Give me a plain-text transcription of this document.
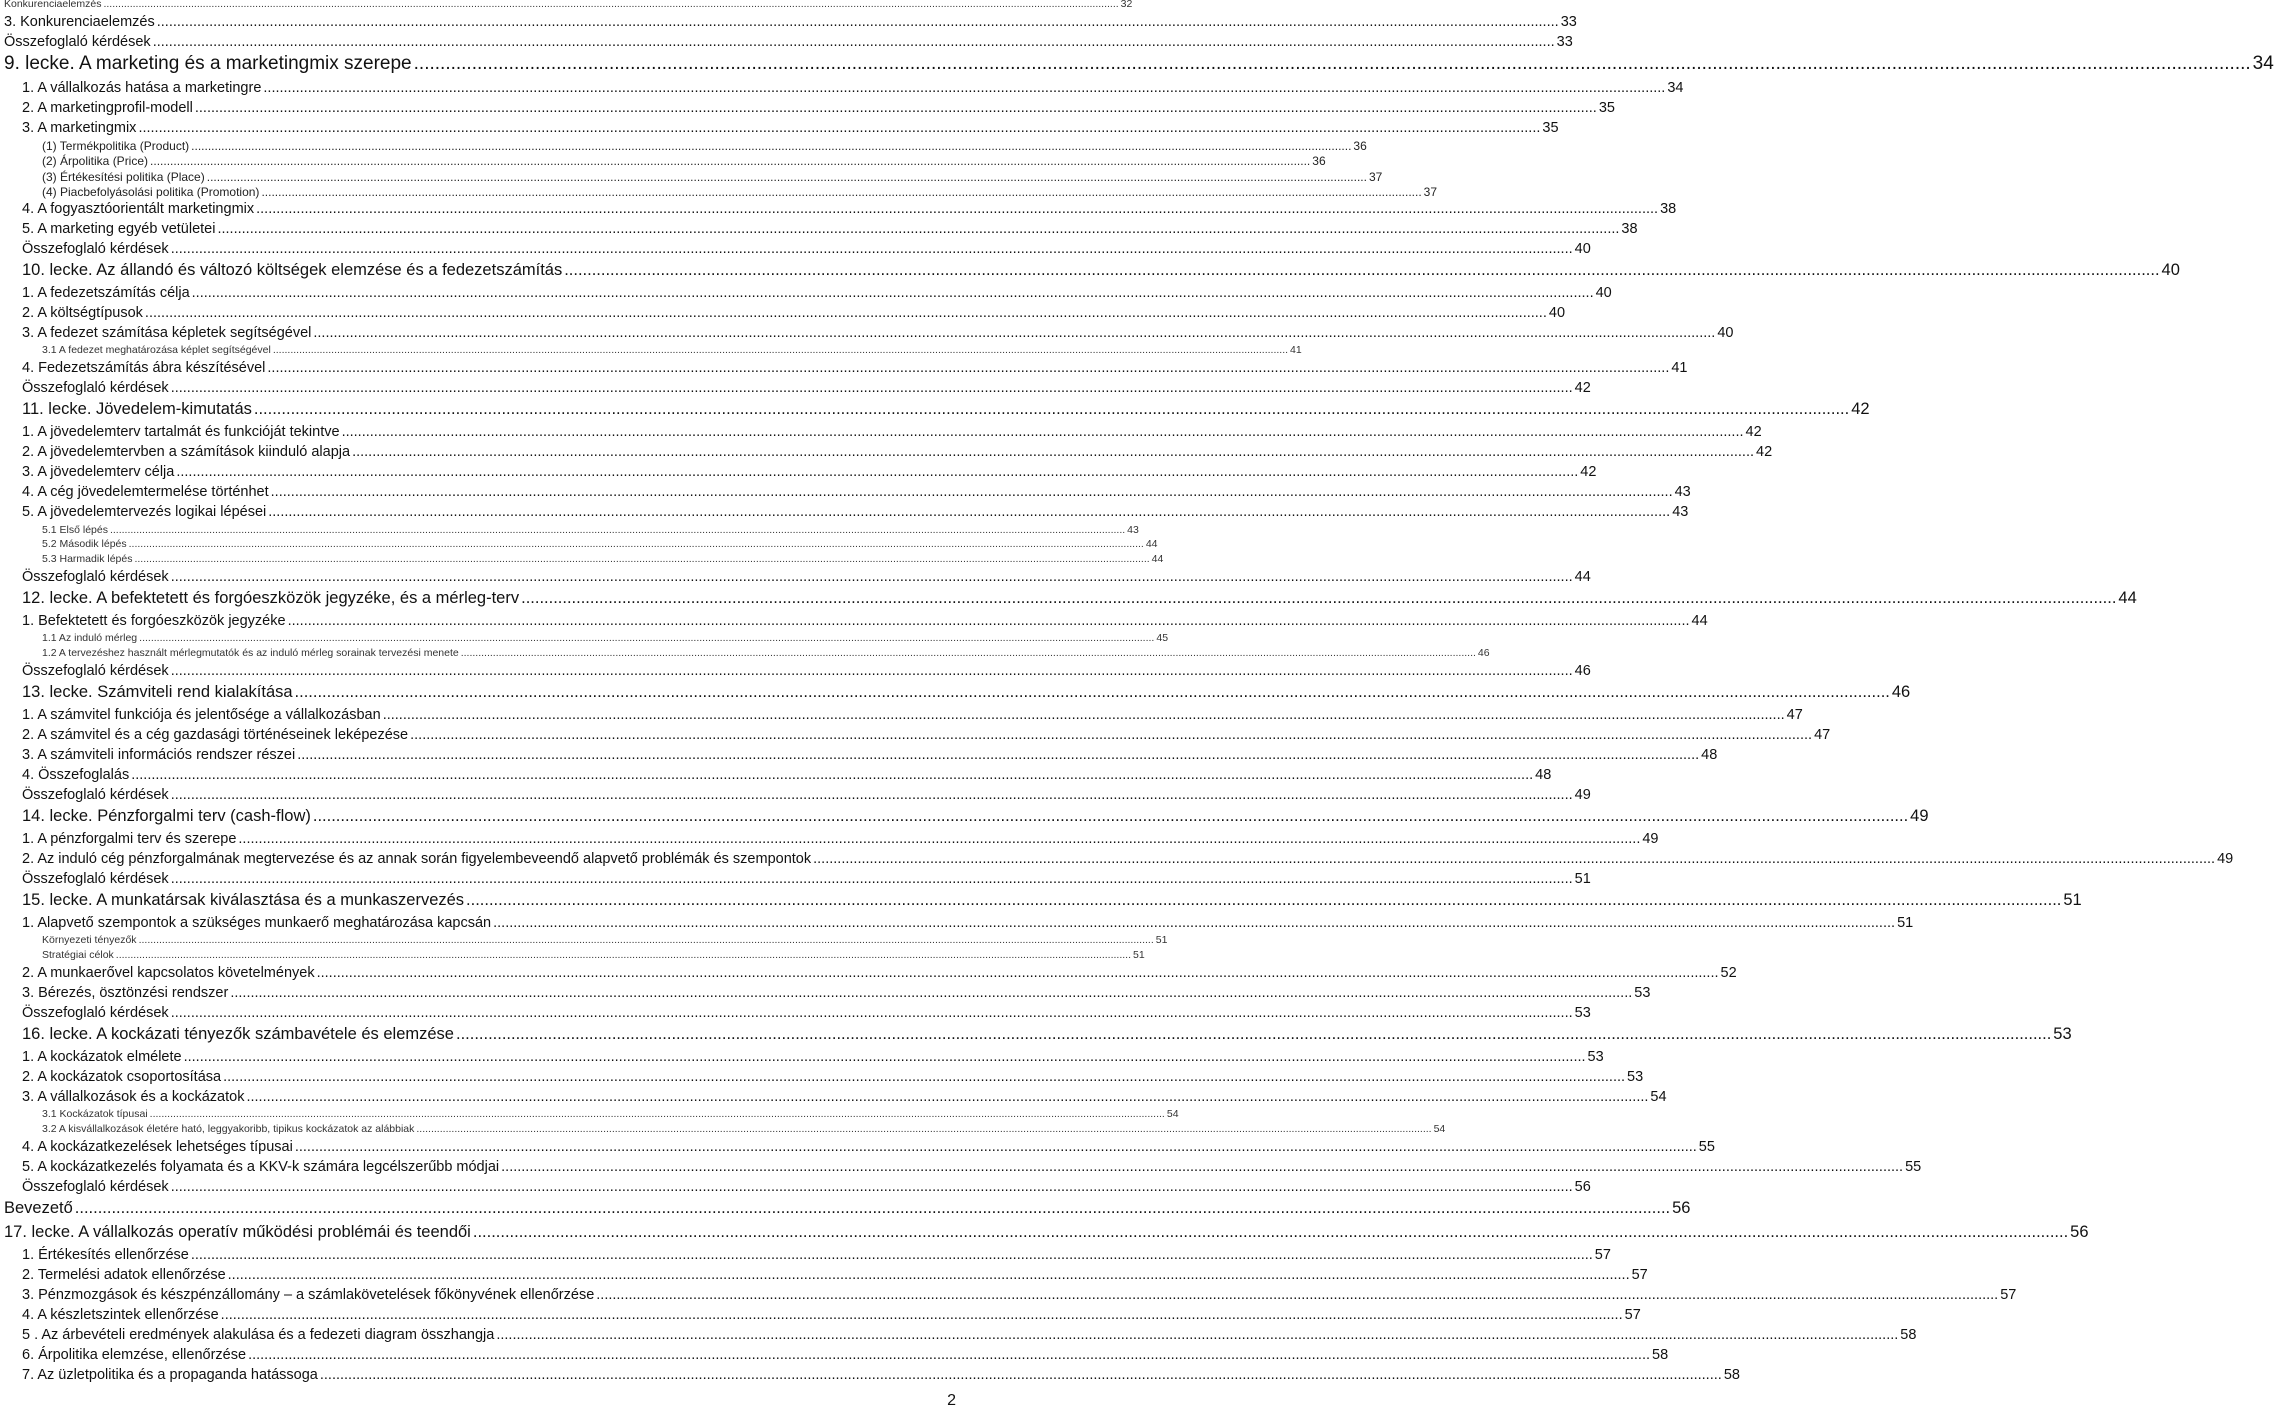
Konkurenciaelemzés .....	32
3. Konkurenciaelemzés .....	33
Összefoglaló kérdések .....	33
9. lecke. A marketing és a marketingmix szerepe .....	34
1. A vállalkozás hatása a marketingre .....	34
2. A marketingprofil-modell .....	35
3. A marketingmix .....	35
(1) Termékpolitika (Product) .....	36
(2) Árpolitika (Price) .....	36
(3) Értékesítési politika (Place) .....	37
(4) Piacbefolyásolási politika (Promotion) .....	37
4. A fogyasztóorientált marketingmix .....	38
5. A marketing egyéb vetületei .....	38
Összefoglaló kérdések .....	40
10. lecke. Az állandó és változó költségek elemzése és a fedezetszámítás .....	40
1. A fedezetszámítás célja .....	40
2. A költségtípusok .....	40
3. A fedezet számítása képletek segítségével .....	40
3.1 A fedezet meghatározása képlet segítségével .....	41
4. Fedezetszámítás ábra készítésével .....	41
Összefoglaló kérdések .....	42
11. lecke. Jövedelem-kimutatás .....	42
1. A jövedelemterv tartalmát és funkcióját tekintve .....	42
2. A jövedelemtervben a számítások kiinduló alapja .....	42
3. A jövedelemterv célja .....	42
4. A cég jövedelemtermelése történhet .....	43
5. A jövedelemtervezés logikai lépései .....	43
5.1 Első lépés .....	43
5.2 Második lépés .....	44
5.3 Harmadik lépés .....	44
Összefoglaló kérdések .....	44
12. lecke. A befektetett és forgóeszközök jegyzéke, és a mérleg-terv .....	44
1. Befektetett és forgóeszközök jegyzéke .....	44
1.1 Az induló mérleg .....	45
1.2 A tervezéshez használt mérlegmutatók és az induló mérleg sorainak tervezési menete .....	46
Összefoglaló kérdések .....	46
13. lecke. Számviteli rend kialakítása .....	46
1. A számvitel funkciója és jelentősége a vállalkozásban .....	47
2. A számvitel és a cég gazdasági történéseinek leképezése .....	47
3. A számviteli információs rendszer részei .....	48
4. Összefoglalás .....	48
Összefoglaló kérdések .....	49
14. lecke. Pénzforgalmi terv (cash-flow) .....	49
1. A pénzforgalmi terv és szerepe .....	49
2. Az induló cég pénzforgalmának megtervezése és az annak során figyelembeveendő alapvető problémák és szempontok .....	49
Összefoglaló kérdések .....	51
15. lecke. A munkatársak kiválasztása és a munkaszervezés .....	51
1. Alapvető szempontok a szükséges munkaerő meghatározása kapcsán .....	51
Környezeti tényezők .....	51
Stratégiai célok .....	51
2. A munkaerővel kapcsolatos követelmények .....	52
3. Bérezés, ösztönzési rendszer .....	53
Összefoglaló kérdések .....	53
16. lecke. A kockázati tényezők számbavétele és elemzése .....	53
1. A kockázatok elmélete .....	53
2. A kockázatok csoportosítása .....	53
3. A vállalkozások és a kockázatok .....	54
3.1 Kockázatok típusai .....	54
3.2 A kisvállalkozások életére ható, leggyakoribb, tipikus kockázatok az alábbiak .....	54
4. A kockázatkezelések lehetséges típusai .....	55
5. A kockázatkezelés folyamata és a KKV-k számára legcélszerűbb módjai .....	55
Összefoglaló kérdések .....	56
Bevezető .....	56
17. lecke. A vállalkozás operatív működési problémái és teendői .....	56
1. Értékesítés ellenőrzése .....	57
2. Termelési adatok ellenőrzése .....	57
3. Pénzmozgások és készpénzállomány – a számlakövetelések főkönyvének ellenőrzése .....	57
4. A készletszintek ellenőrzése .....	57
5 . Az árbevételi eredmények alakulása és a fedezeti diagram összhangja .....	58
6. Árpolitika elemzése, ellenőrzése .....	58
7. Az üzletpolitika és a propaganda hatássoga .....	58
2
